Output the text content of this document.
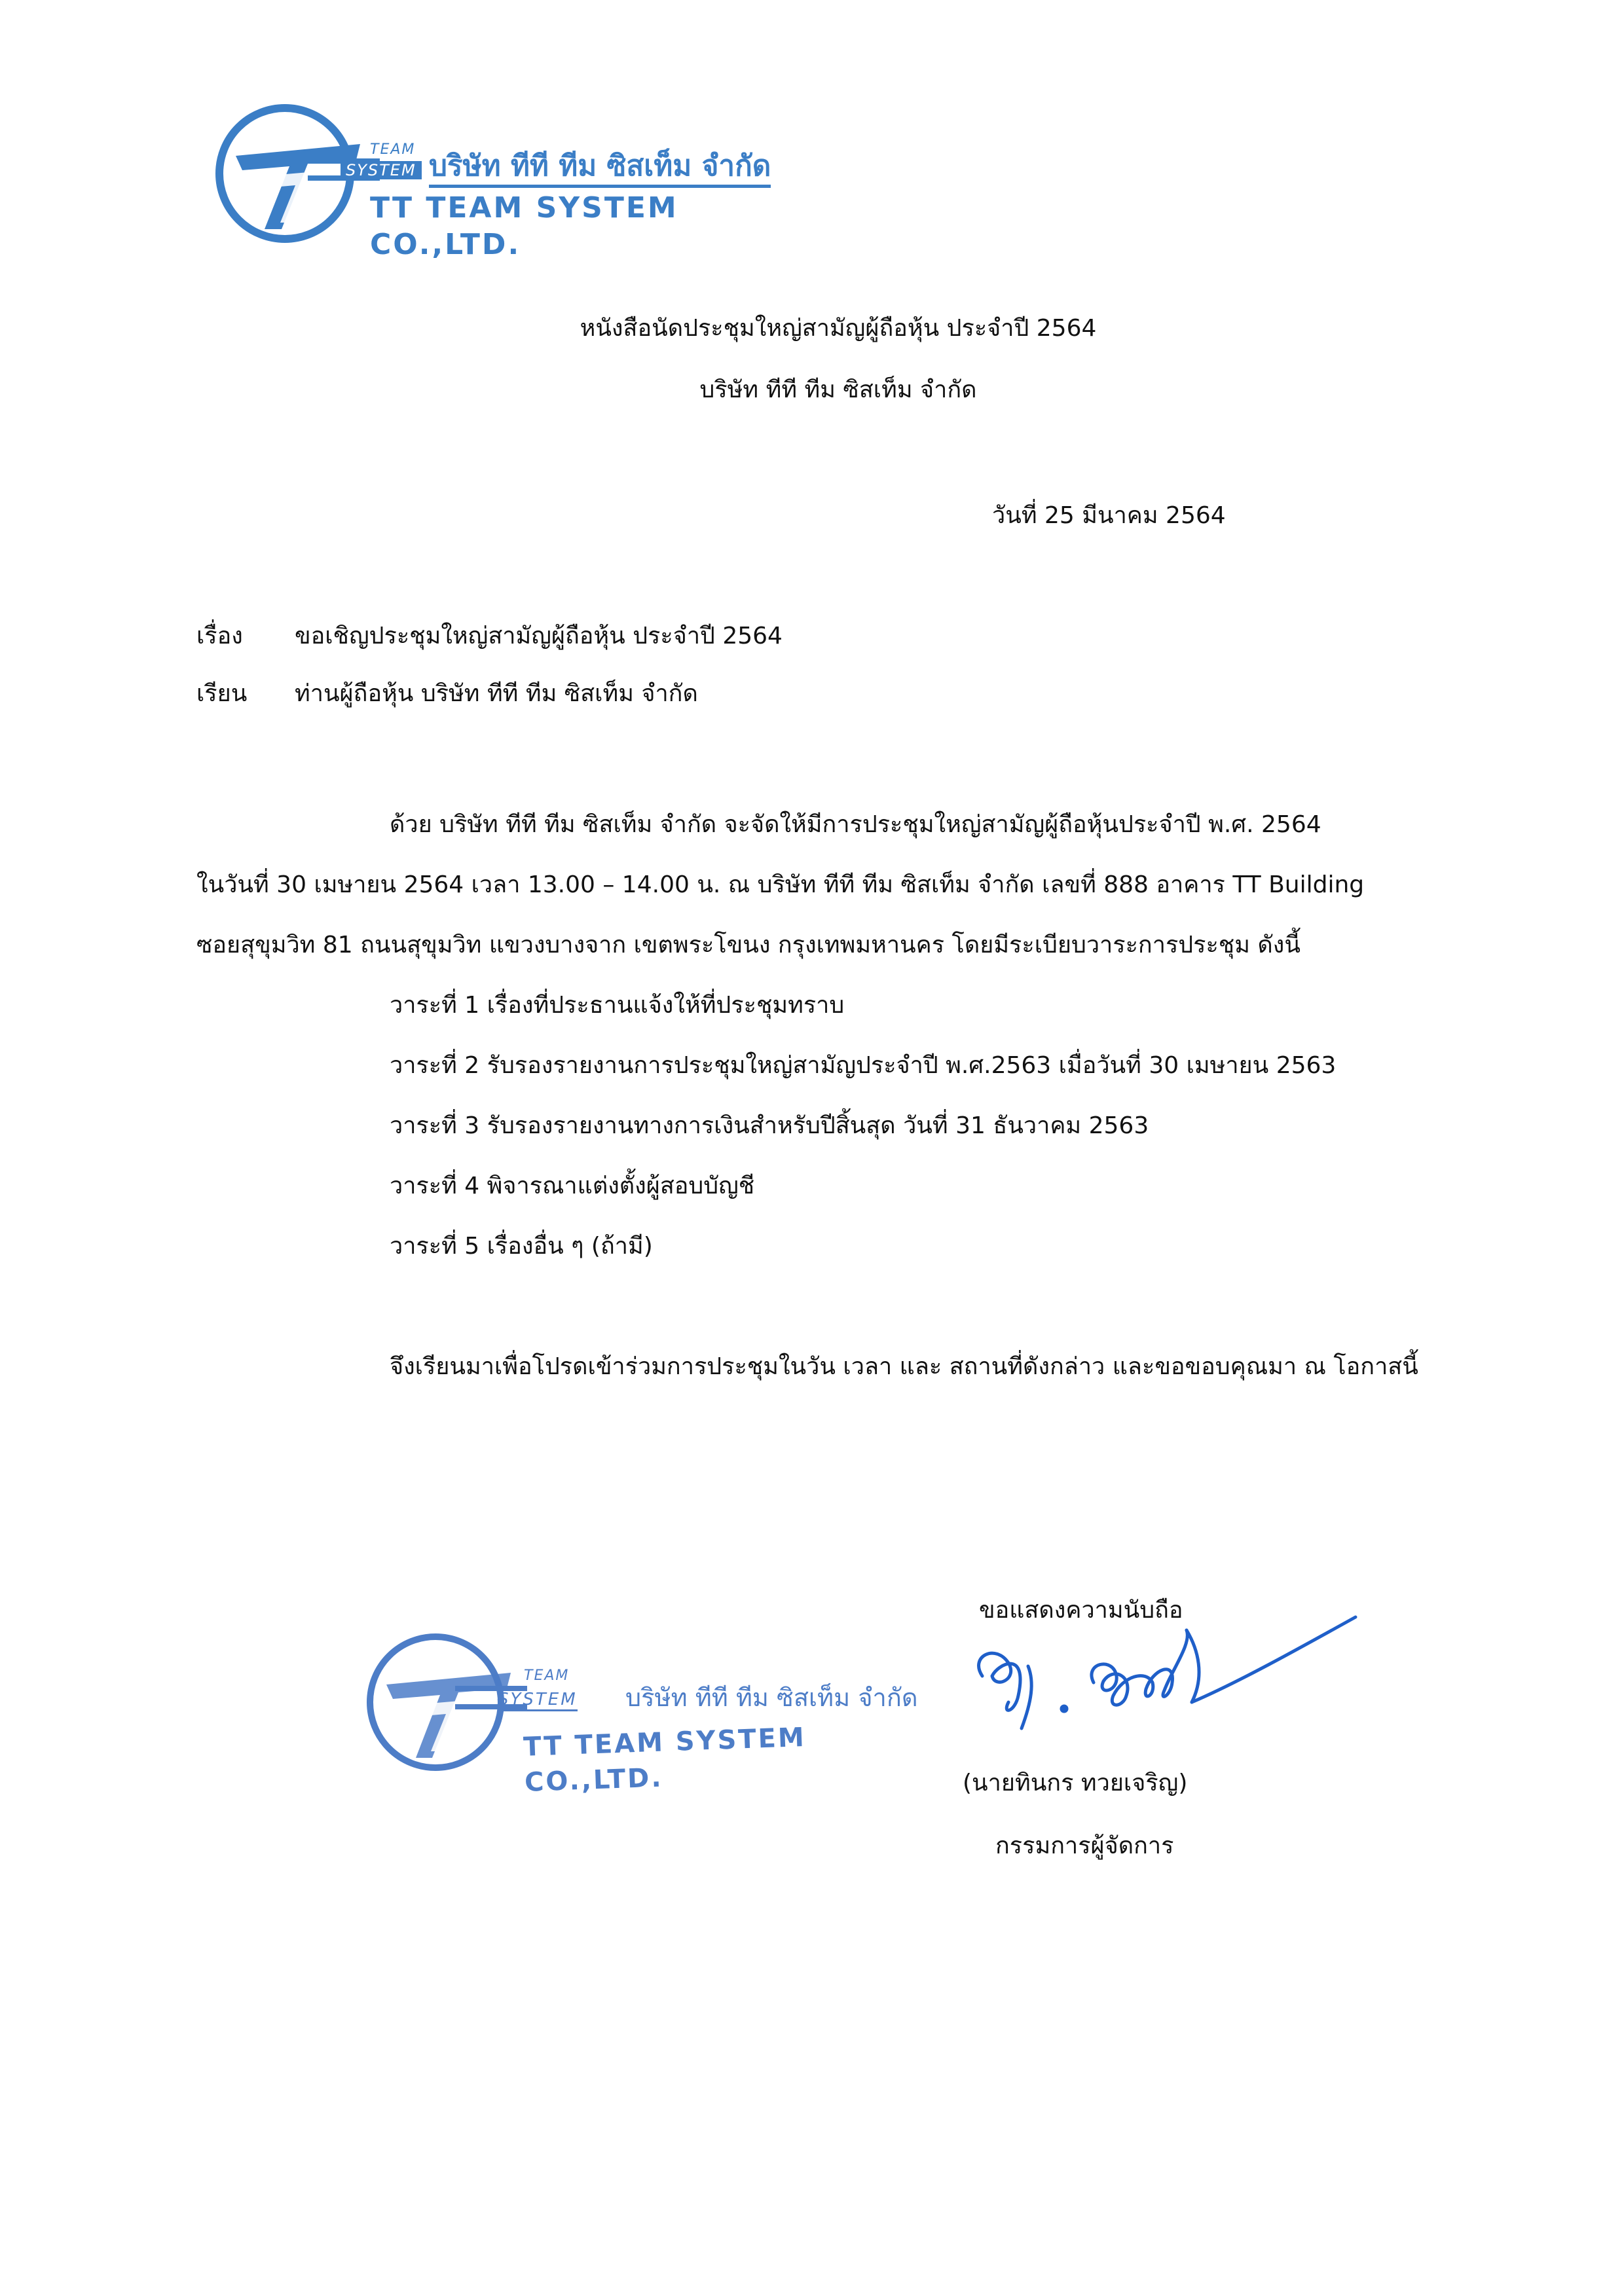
TEAM
SYSTEM บริษัท ทีที ทีม ซิสเท็ม จำกัด
TT TEAM SYSTEM CO.,LTD.
หนังสือนัดประชุมใหญ่สามัญผู้ถือหุ้น ประจำปี 2564
บริษัท ทีที ทีม ซิสเท็ม จำกัด
วันที่ 25 มีนาคม 2564
เรื่อง ขอเชิญประชุมใหญ่สามัญผู้ถือหุ้น ประจำปี 2564
เรียน ท่านผู้ถือหุ้น บริษัท ทีที ทีม ซิสเท็ม จำกัด
ด้วย บริษัท ทีที ทีม ซิสเท็ม จำกัด จะจัดให้มีการประชุมใหญ่สามัญผู้ถือหุ้นประจำปี พ.ศ. 2564
ในวันที่ 30 เมษายน 2564 เวลา 13.00 – 14.00 น. ณ บริษัท ทีที ทีม ซิสเท็ม จำกัด เลขที่ 888 อาคาร TT Building
ซอยสุขุมวิท 81 ถนนสุขุมวิท แขวงบางจาก เขตพระโขนง กรุงเทพมหานคร โดยมีระเบียบวาระการประชุม ดังนี้
วาระที่ 1 เรื่องที่ประธานแจ้งให้ที่ประชุมทราบ
วาระที่ 2 รับรองรายงานการประชุมใหญ่สามัญประจำปี พ.ศ.2563 เมื่อวันที่ 30 เมษายน 2563
วาระที่ 3 รับรองรายงานทางการเงินสำหรับปีสิ้นสุด วันที่ 31 ธันวาคม 2563
วาระที่ 4 พิจารณาแต่งตั้งผู้สอบบัญชี
วาระที่ 5 เรื่องอื่น ๆ (ถ้ามี)
จึงเรียนมาเพื่อโปรดเข้าร่วมการประชุมในวัน เวลา และ สถานที่ดังกล่าว และขอขอบคุณมา ณ โอกาสนี้
ขอแสดงความนับถือ
(นายทินกร ทวยเจริญ)
กรรมการผู้จัดการ
TEAM
SYSTEM บริษัท ทีที ทีม ซิสเท็ม จำกัด
TT TEAM SYSTEM CO.,LTD.
